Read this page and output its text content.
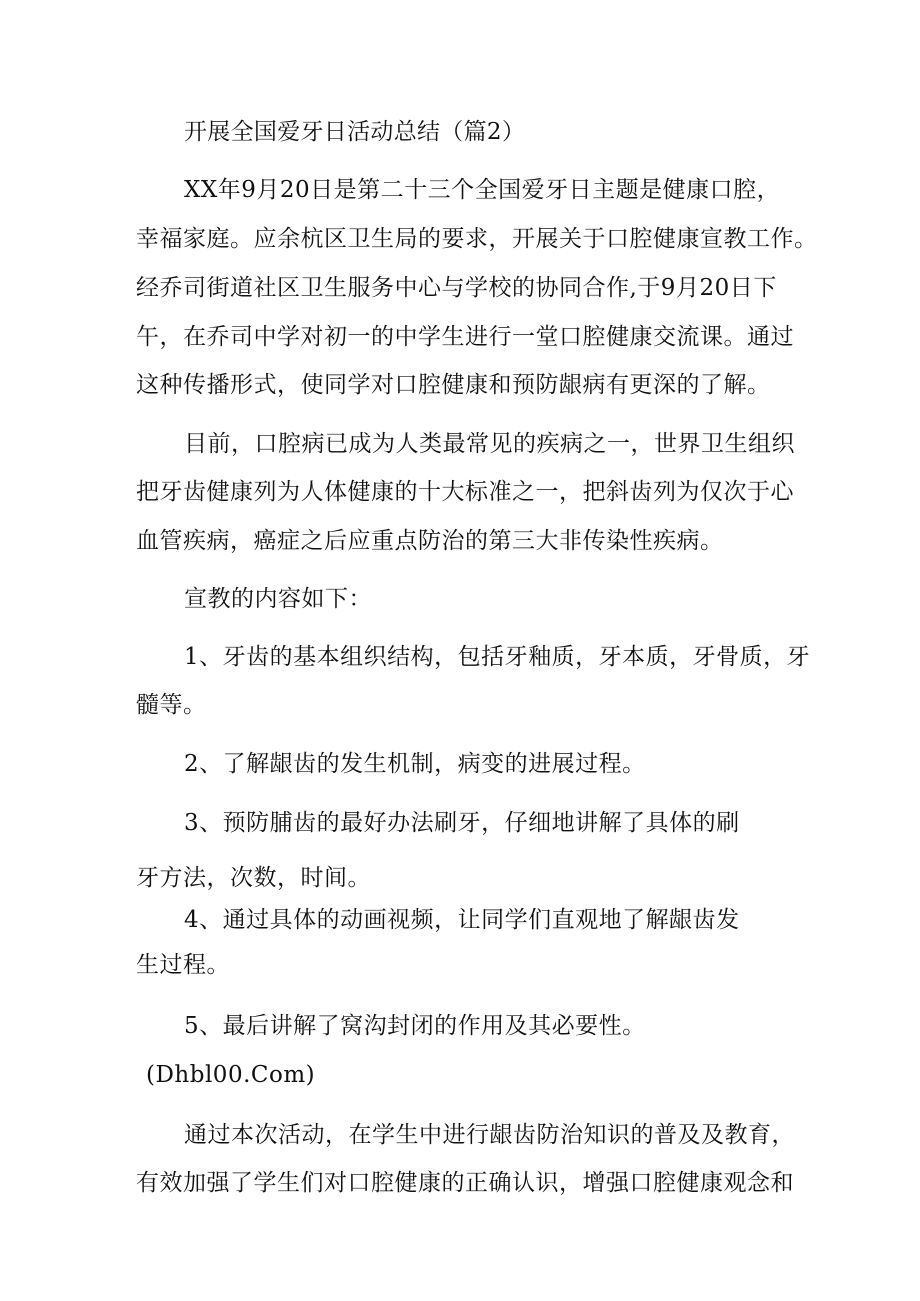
开展全国爱牙日活动总结（篇2）
XX年9月20日是第二十三个全国爱牙日主题是健康口腔，
幸福家庭。应余杭区卫生局的要求，开展关于口腔健康宣教工作。
经乔司街道社区卫生服务中心与学校的协同合作,于9月20日下
午，在乔司中学对初一的中学生进行一堂口腔健康交流课。通过
这种传播形式，使同学对口腔健康和预防龈病有更深的了解。
目前，口腔病已成为人类最常见的疾病之一，世界卫生组织
把牙齿健康列为人体健康的十大标准之一，把斜齿列为仅次于心
血管疾病，癌症之后应重点防治的第三大非传染性疾病。
宣教的内容如下：
1、牙齿的基本组织结构，包括牙釉质，牙本质，牙骨质，牙
髓等。
2、了解龈齿的发生机制，病变的进展过程。
3、预防脯齿的最好办法刷牙，仔细地讲解了具体的刷
牙方法，次数，时间。
4、通过具体的动画视频，让同学们直观地了解龈齿发
生过程。
5、最后讲解了窝沟封闭的作用及其必要性。
(Dhbl00.Com)
通过本次活动，在学生中进行龈齿防治知识的普及及教育，
有效加强了学生们对口腔健康的正确认识，增强口腔健康观念和
